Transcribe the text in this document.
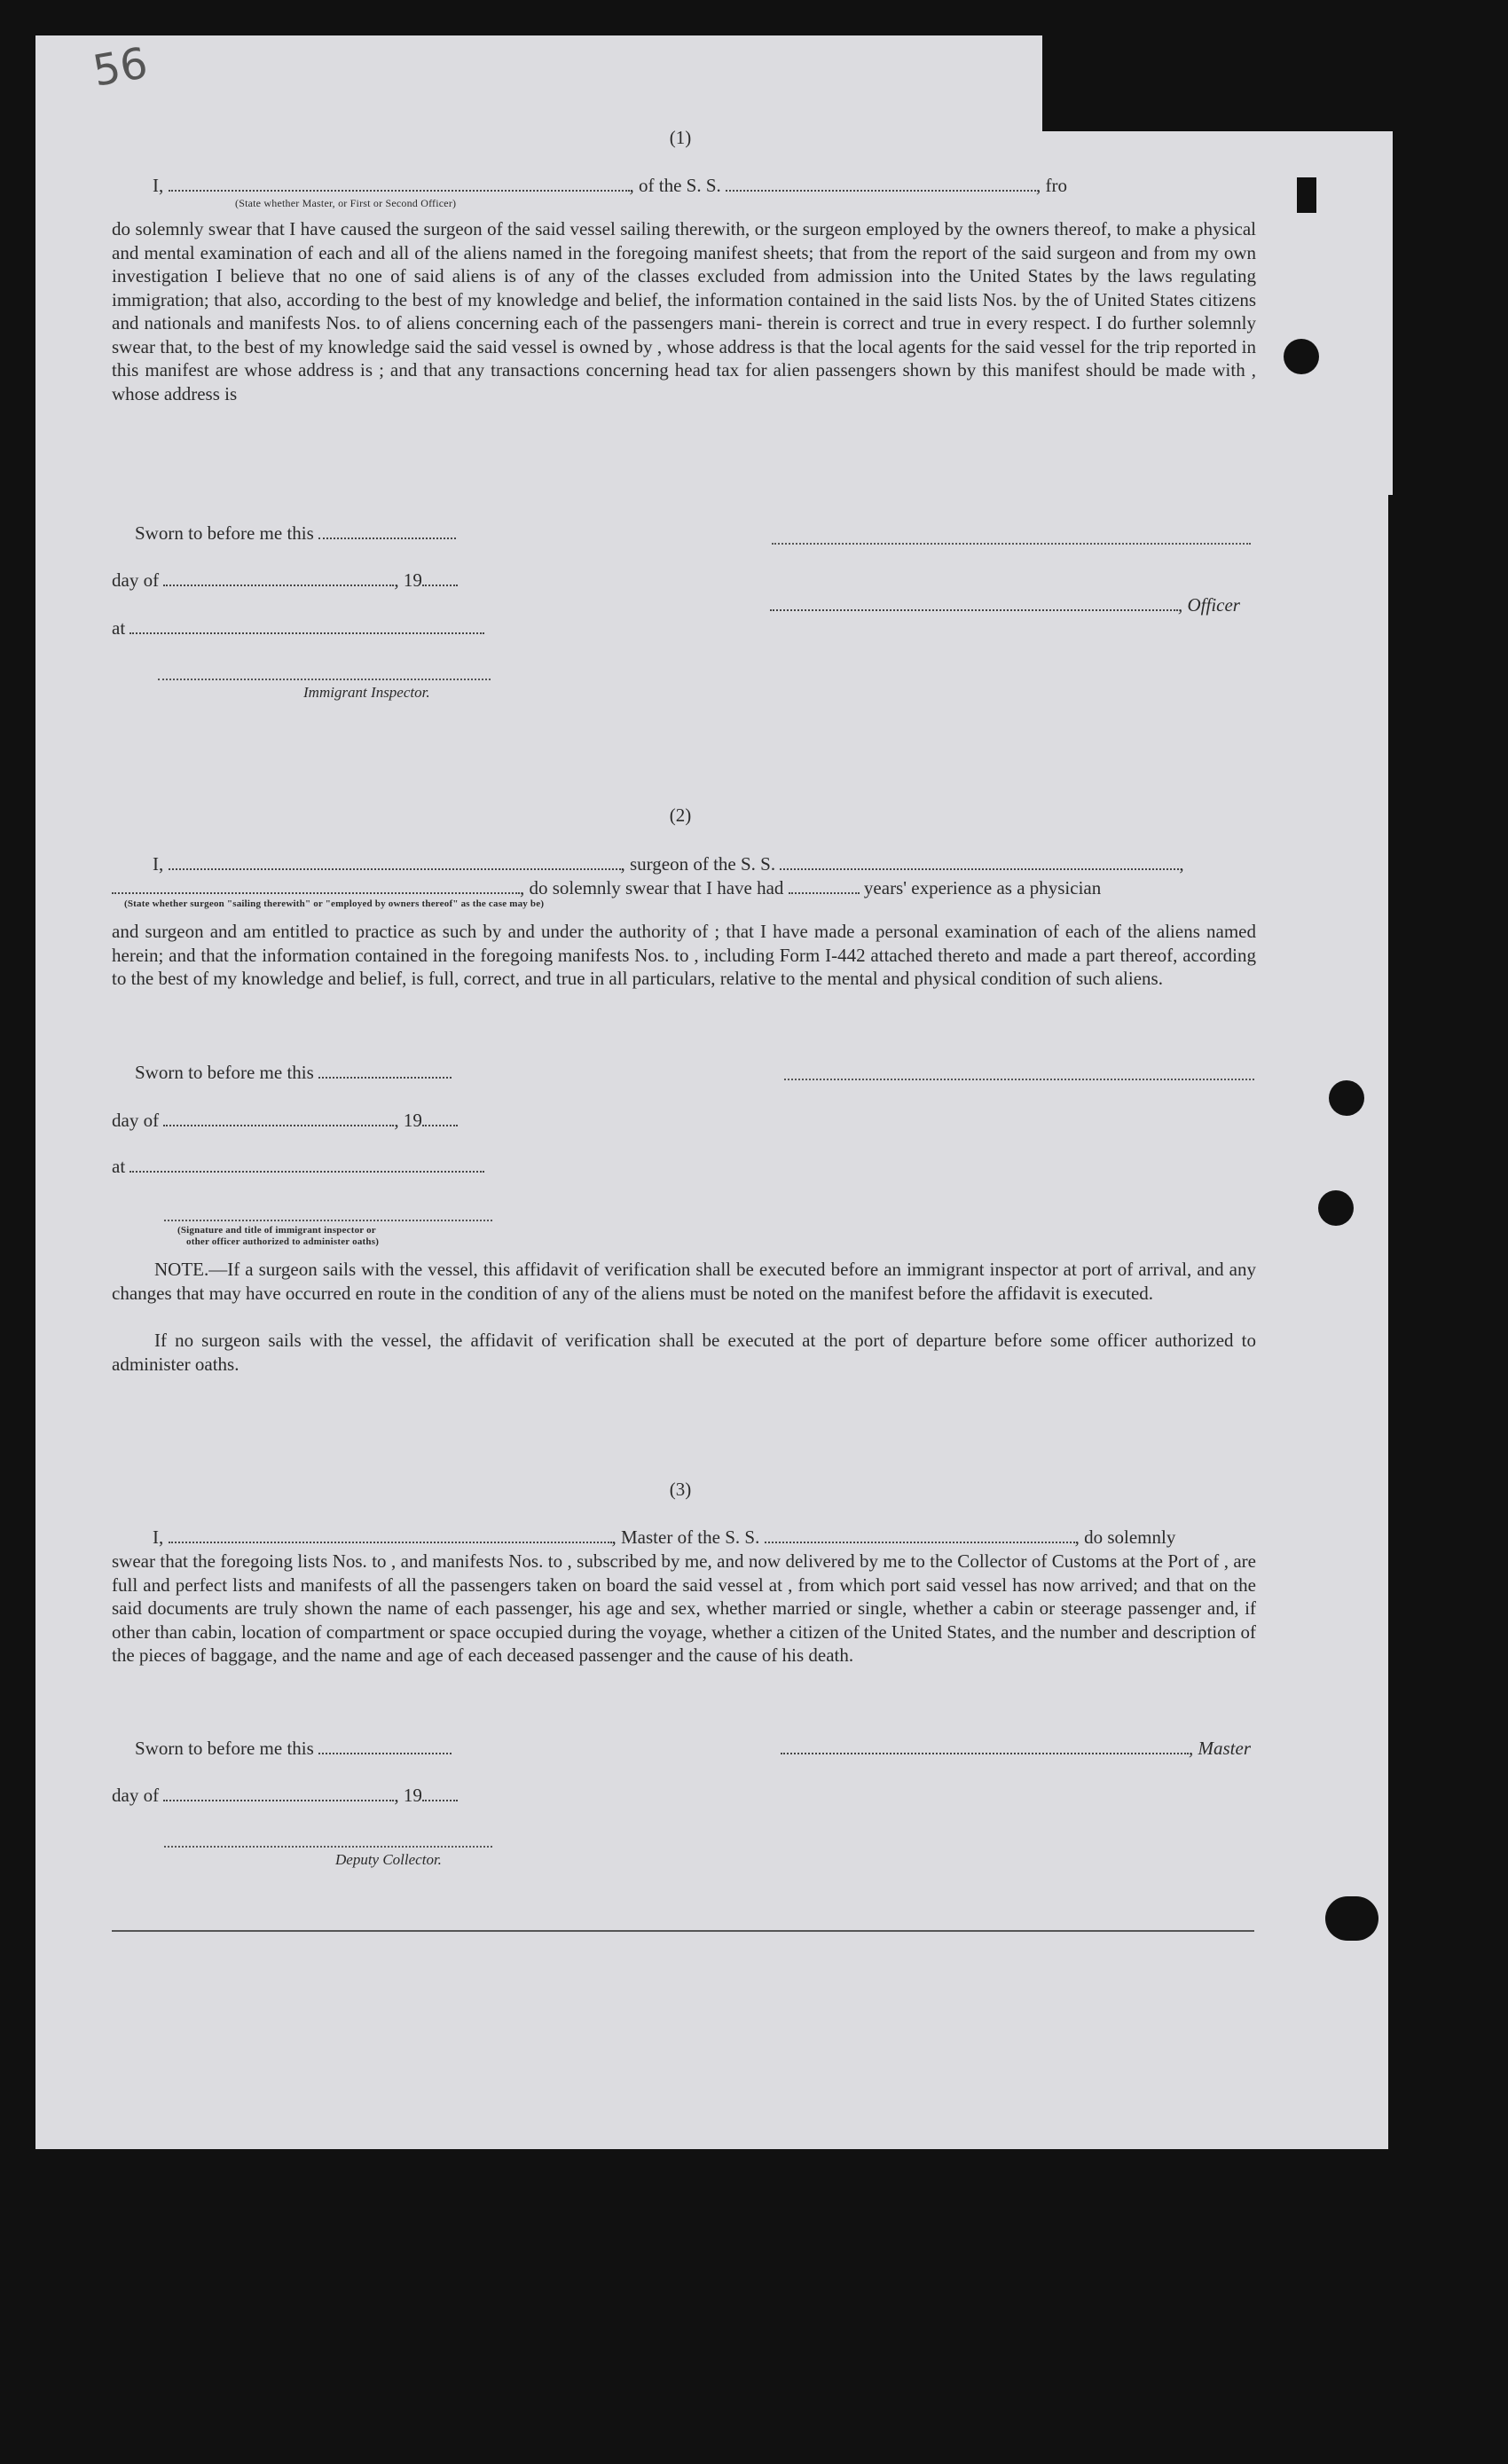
56
(1)
I,	, of the S. S.	, fro
(State whether Master, or First or Second Officer)
do solemnly swear that I have caused the surgeon of the said vessel sailing therewith, or the surgeon employed by the owners thereof, to make a physical and mental examination of each and all of the aliens named in the foregoing manifest sheets; that from the report of the said surgeon and from my own investigation I believe that no one of said aliens is of any of the classes excluded from admission into the United States by the laws regulating immigration; that also, according to the best of my knowledge and belief, the information contained in the said lists Nos. by the of United States citizens and nationals and manifests Nos. to of aliens concerning each of the passengers mani- therein is correct and true in every respect. I do further solemnly swear that, to the best of my knowledge said the said vessel is owned by , whose address is that the local agents for the said vessel for the trip reported in this manifest are whose address is ; and that any transactions concerning head tax for alien passengers shown by this manifest should be made with , whose address is
Sworn to before me this
day of	, 19
, Officer
at
Immigrant Inspector.
(2)
I,	, surgeon of the S. S.	,
, do solemnly swear that I have had	years' experience as a physician
(State whether surgeon "sailing therewith" or "employed by owners thereof" as the case may be)
and surgeon and am entitled to practice as such by and under the authority of ; that I have made a personal examination of each of the aliens named herein; and that the information contained in the foregoing manifests Nos. to , including Form I-442 attached thereto and made a part thereof, according to the best of my knowledge and belief, is full, correct, and true in all particulars, relative to the mental and physical condition of such aliens.
Sworn to before me this
day of	, 19
at
(Signature and title of immigrant inspector or
other officer authorized to administer oaths)
NOTE.—If a surgeon sails with the vessel, this affidavit of verification shall be executed before an immigrant inspector at port of arrival, and any changes that may have occurred en route in the condition of any of the aliens must be noted on the manifest before the affidavit is executed.
If no surgeon sails with the vessel, the affidavit of verification shall be executed at the port of departure before some officer authorized to administer oaths.
(3)
I,	, Master of the S. S.	, do solemnly
swear that the foregoing lists Nos. to , and manifests Nos. to , subscribed by me, and now delivered by me to the Collector of Customs at the Port of , are full and perfect lists and manifests of all the passengers taken on board the said vessel at , from which port said vessel has now arrived; and that on the said documents are truly shown the name of each passenger, his age and sex, whether married or single, whether a cabin or steerage passenger and, if other than cabin, location of compartment or space occupied during the voyage, whether a citizen of the United States, and the number and description of the pieces of baggage, and the name and age of each deceased passenger and the cause of his death.
Sworn to before me this	, Master
day of	, 19
Deputy Collector.
